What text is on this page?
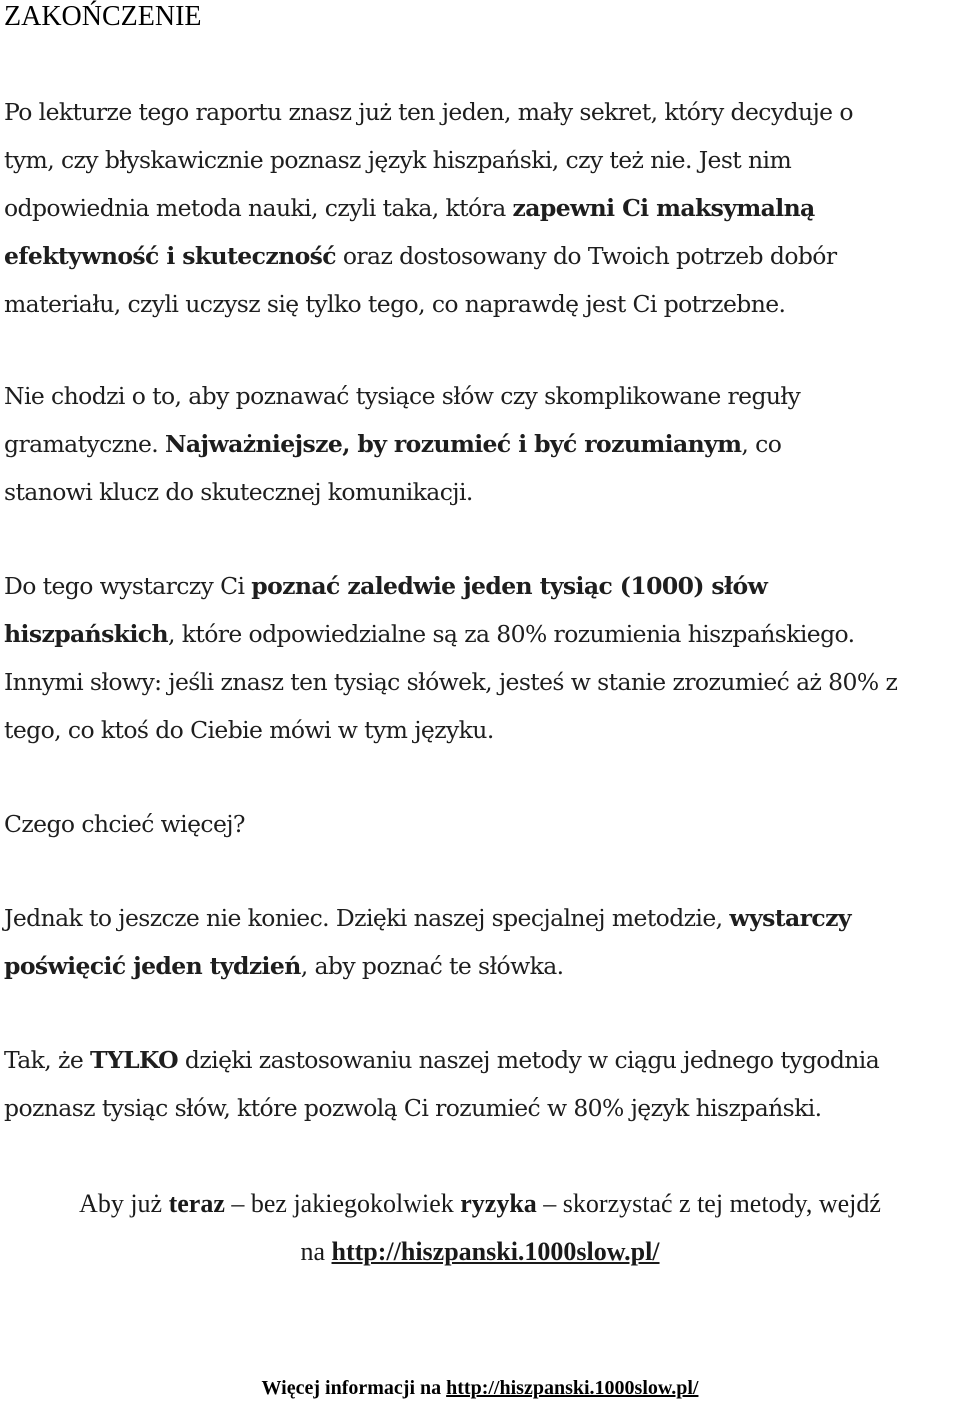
ZAKOŃCZENIE

Po lekturze tego raportu znasz już ten jeden, mały sekret, który decyduje o
tym, czy błyskawicznie poznasz język hiszpański, czy też nie. Jest nim
odpowiednia metoda nauki, czyli taka, która zapewni Ci maksymalną
efektywność i skuteczność oraz dostosowany do Twoich potrzeb dobór
materiału, czyli uczysz się tylko tego, co naprawdę jest Ci potrzebne.

Nie chodzi o to, aby poznawać tysiące słów czy skomplikowane reguły
gramatyczne. Najważniejsze, by rozumieć i być rozumianym, co
stanowi klucz do skutecznej komunikacji.

Do tego wystarczy Ci poznać zaledwie jeden tysiąc (1000) słów
hiszpańskich, które odpowiedzialne są za 80% rozumienia hiszpańskiego.
Innymi słowy: jeśli znasz ten tysiąc słówek, jesteś w stanie zrozumieć aż 80% z
tego, co ktoś do Ciebie mówi w tym języku.

Czego chcieć więcej?

Jednak to jeszcze nie koniec. Dzięki naszej specjalnej metodzie, wystarczy
poświęcić jeden tydzień, aby poznać te słówka.

Tak, że TYLKO dzięki zastosowaniu naszej metody w ciągu jednego tygodnia
poznasz tysiąc słów, które pozwolą Ci rozumieć w 80% język hiszpański.

Aby już teraz – bez jakiegokolwiek ryzyka – skorzystać z tej metody, wejdź
na http://hiszpanski.1000slow.pl/

Więcej informacji na http://hiszpanski.1000slow.pl/
